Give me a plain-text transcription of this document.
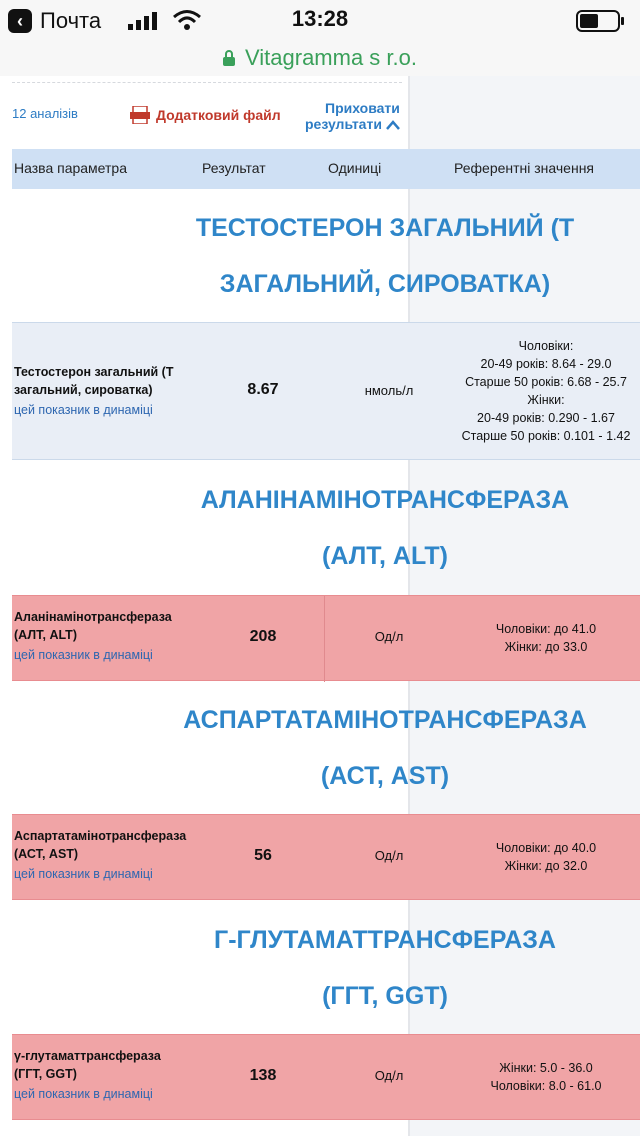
‹ Почта	13:28
Vitagramma s r.o.
12 аналізів	Додатковий файл	Приховати
результати
Назва параметра	Результат	Одиниці	Референтні значення
ТЕСТОСТЕРОН ЗАГАЛЬНИЙ (Т
ЗАГАЛЬНИЙ, СИРОВАТКА)
Тестостерон загальний (Т
загальний, сироватка)
цей показник в динаміці
8.67	нмоль/л
Чоловіки:
20-49 років: 8.64 - 29.0
Старше 50 років: 6.68 - 25.7
Жінки:
20-49 років: 0.290 - 1.67
Старше 50 років: 0.101 - 1.42
АЛАНІНАМІНОТРАНСФЕРАЗА
(АЛТ, ALT)
Аланінамінотрансфераза
(АЛТ, ALT)
цей показник в динаміці
208	Од/л	Чоловіки: до 41.0
Жінки: до 33.0
АСПАРТАТАМІНОТРАНСФЕРАЗА
(АСТ, AST)
Аспартатамінотрансфераза
(АСТ, AST)
цей показник в динаміці
56	Од/л	Чоловіки: до 40.0
Жінки: до 32.0
Г-ГЛУТАМАТТРАНСФЕРАЗА
(ГГТ, GGT)
γ-глутаматтрансфераза
(ГГТ, GGT)
цей показник в динаміці
138	Од/л	Жінки: 5.0 - 36.0
Чоловіки: 8.0 - 61.0
